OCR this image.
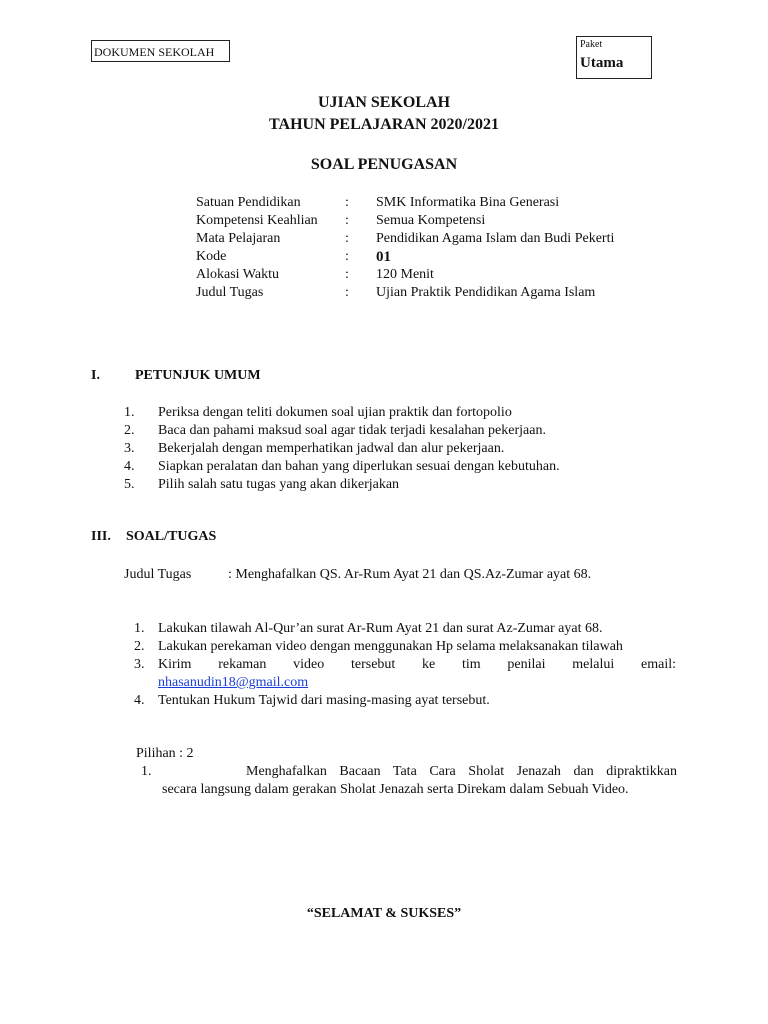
DOKUMEN SEKOLAH
Paket
Utama
UJIAN SEKOLAH
TAHUN PELAJARAN 2020/2021
SOAL PENUGASAN
Satuan Pendidikan	: SMK Informatika Bina Generasi
Kompetensi Keahlian : Semua Kompetensi
Mata Pelajaran	: Pendidikan Agama Islam dan Budi Pekerti
Kode	: 01
Alokasi Waktu	: 120 Menit
Judul Tugas	: Ujian Praktik Pendidikan Agama Islam
I.	PETUNJUK UMUM
1.	Periksa dengan teliti dokumen soal ujian praktik dan fortopolio
2.	Baca dan pahami maksud soal agar tidak terjadi kesalahan pekerjaan.
3.	Bekerjalah dengan memperhatikan jadwal dan alur pekerjaan.
4.	Siapkan peralatan dan bahan yang diperlukan sesuai dengan kebutuhan.
5.	Pilih salah satu tugas yang akan dikerjakan
III. SOAL/TUGAS
Judul Tugas	: Menghafalkan QS. Ar-Rum Ayat 21 dan QS.Az-Zumar ayat 68.
1. Lakukan tilawah Al-Qur’an surat Ar-Rum Ayat 21 dan surat Az-Zumar ayat 68.
2. Lakukan perekaman video dengan menggunakan Hp selama melaksanakan tilawah
3. Kirim rekaman video tersebut ke tim penilai melalui email:
nhasanudin18@gmail.com
4. Tentukan Hukum Tajwid dari masing-masing ayat tersebut.
Pilihan : 2
1.	Menghafalkan Bacaan Tata Cara Sholat Jenazah dan dipraktikkan
secara langsung dalam gerakan Sholat Jenazah serta Direkam dalam Sebuah Video.
“SELAMAT & SUKSES”
